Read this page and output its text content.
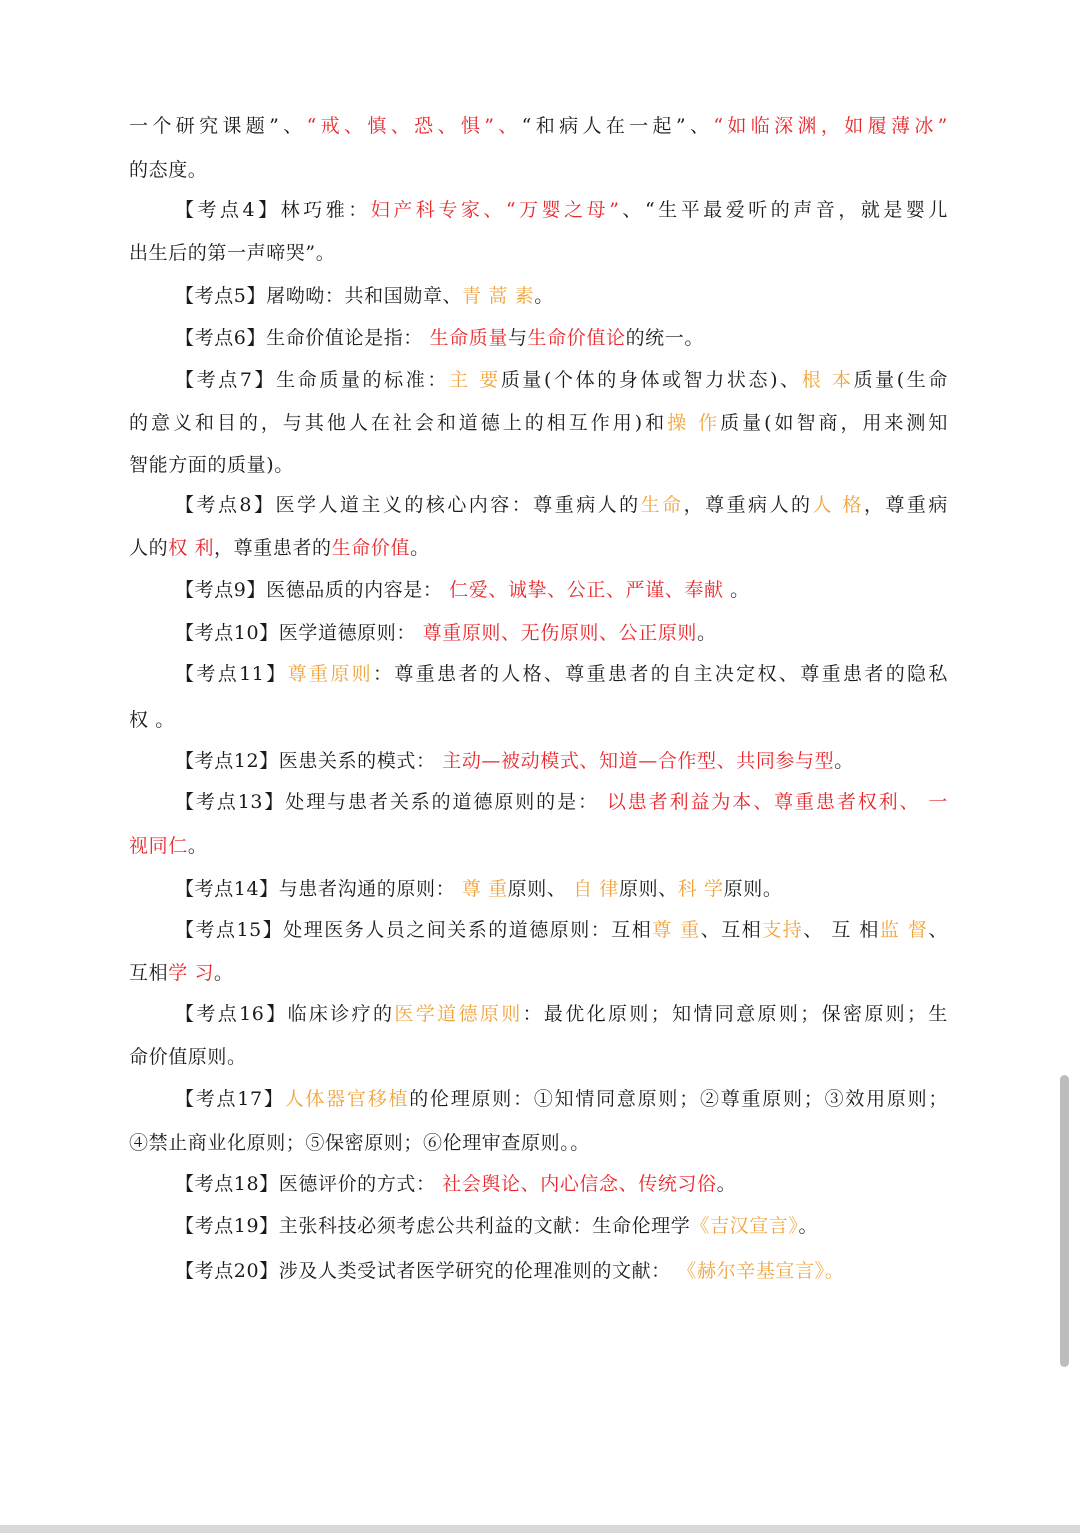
一个研究课题”、“戒、慎、恐、惧”、“和病人在一起”、“如临深渊，如履薄冰”
的态度。
【考点4】林巧雅：妇产科专家、“万婴之母”、“生平最爱听的声音，就是婴儿
出生后的第一声啼哭”。
【考点5】屠呦呦：共和国勋章、青 蒿 素。
【考点6】生命价值论是指： 生命质量与生命价值论的统一。
【考点7】生命质量的标准：主 要质量(个体的身体或智力状态)、根 本质量(生命
的意义和目的，与其他人在社会和道德上的相互作用)和操 作质量(如智商，用来测知
智能方面的质量)。
【考点8】医学人道主义的核心内容：尊重病人的生命，尊重病人的人 格，尊重病
人的权 利，尊重患者的生命价值。
【考点9】医德品质的内容是： 仁爱、诚挚、公正、严谨、奉献 。
【考点10】医学道德原则： 尊重原则、无伤原则、公正原则。
【考点11】尊重原则：尊重患者的人格、尊重患者的自主决定权、尊重患者的隐私
权 。
【考点12】医患关系的模式： 主动—被动模式、知道—合作型、共同参与型。
【考点13】处理与患者关系的道德原则的是： 以患者利益为本、尊重患者权利、 一
视同仁。
【考点14】与患者沟通的原则： 尊 重原则、 自 律原则、科 学原则。
【考点15】处理医务人员之间关系的道德原则：互相尊 重、互相支持、 互 相监 督、
互相学 习。
【考点16】临床诊疗的医学道德原则：最优化原则；知情同意原则；保密原则；生
命价值原则。
【考点17】人体器官移植的伦理原则：①知情同意原则；②尊重原则；③效用原则；
④禁止商业化原则；⑤保密原则；⑥伦理审查原则。。
【考点18】医德评价的方式： 社会舆论、内心信念、传统习俗。
【考点19】主张科技必须考虑公共利益的文献：生命伦理学《吉汉宣言》。
【考点20】涉及人类受试者医学研究的伦理准则的文献： 《赫尔辛基宣言》。
